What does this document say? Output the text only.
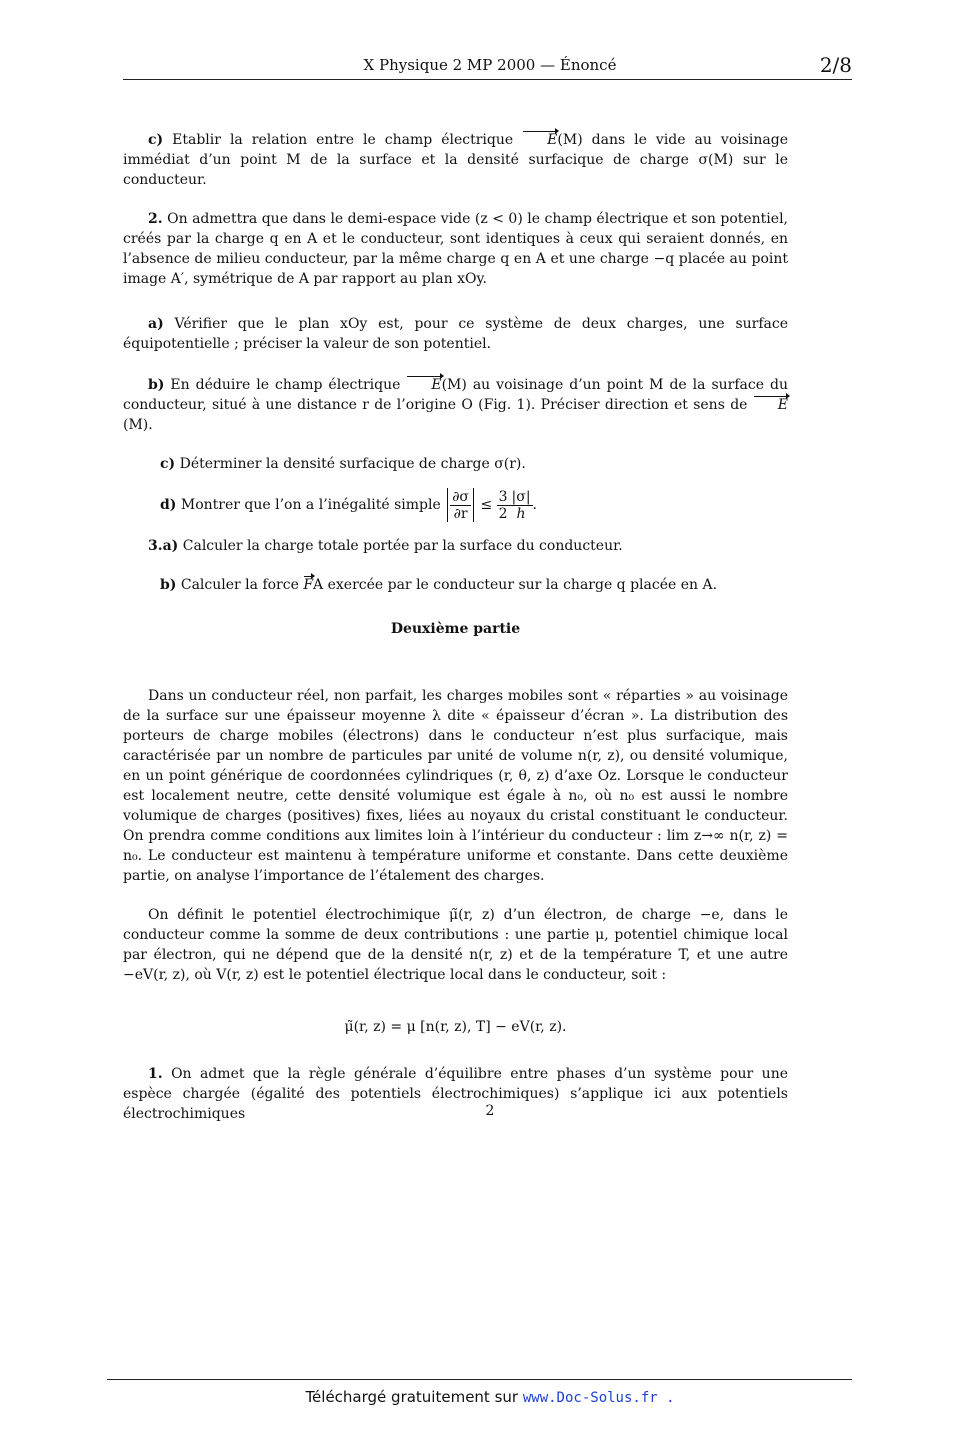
X Physique 2 MP 2000 — Énoncé	2/8

c) Etablir la relation entre le champ électrique E(M) dans le vide au voisinage immédiat d’un point M de la surface et la densité surfacique de charge σ(M) sur le conducteur.

2. On admettra que dans le demi-espace vide (z < 0) le champ électrique et son potentiel, créés par la charge q en A et le conducteur, sont identiques à ceux qui seraient donnés, en l’absence de milieu conducteur, par la même charge q en A et une charge −q placée au point image A′, symétrique de A par rapport au plan xOy.

a) Vérifier que le plan xOy est, pour ce système de deux charges, une surface équipotentielle ; préciser la valeur de son potentiel.

b) En déduire le champ électrique E(M) au voisinage d’un point M de la surface du conducteur, situé à une distance r de l’origine O (Fig. 1). Préciser direction et sens de E(M).

c) Déterminer la densité surfacique de charge σ(r).

d) Montrer que l’on a l’inégalité simple $\frac{\partial\sigma}{\partial r} \le \frac{3}{2} \frac{|\sigma|}{h}$ .

3.a) Calculer la charge totale portée par la surface du conducteur.

b) Calculer la force FA exercée par le conducteur sur la charge q placée en A.

Deuxième partie

Dans un conducteur réel, non parfait, les charges mobiles sont « réparties » au voisinage de la surface sur une épaisseur moyenne λ dite « épaisseur d’écran ». La distribution des porteurs de charge mobiles (électrons) dans le conducteur n’est plus surfacique, mais caractérisée par un nombre de particules par unité de volume n(r, z), ou densité volumique, en un point générique de coordonnées cylindriques (r, θ, z) d’axe Oz. Lorsque le conducteur est localement neutre, cette densité volumique est égale à n₀, où n₀ est aussi le nombre volumique de charges (positives) fixes, liées au noyaux du cristal constituant le conducteur. On prendra comme conditions aux limites loin à l’intérieur du conducteur : lim z→∞ n(r, z) = n₀. Le conducteur est maintenu à température uniforme et constante. Dans cette deuxième partie, on analyse l’importance de l’étalement des charges.

On définit le potentiel électrochimique μ̃(r, z) d’un électron, de charge −e, dans le conducteur comme la somme de deux contributions : une partie μ, potentiel chimique local par électron, qui ne dépend que de la densité n(r, z) et de la température T, et une autre −eV(r, z), où V(r, z) est le potentiel électrique local dans le conducteur, soit :

μ̃(r, z) = μ [n(r, z), T] − eV(r, z).

1. On admet que la règle générale d’équilibre entre phases d’un système pour une espèce chargée (égalité des potentiels électrochimiques) s’applique ici aux potentiels électrochimiques	2
Téléchargé gratuitement sur www.Doc-Solus.fr .
